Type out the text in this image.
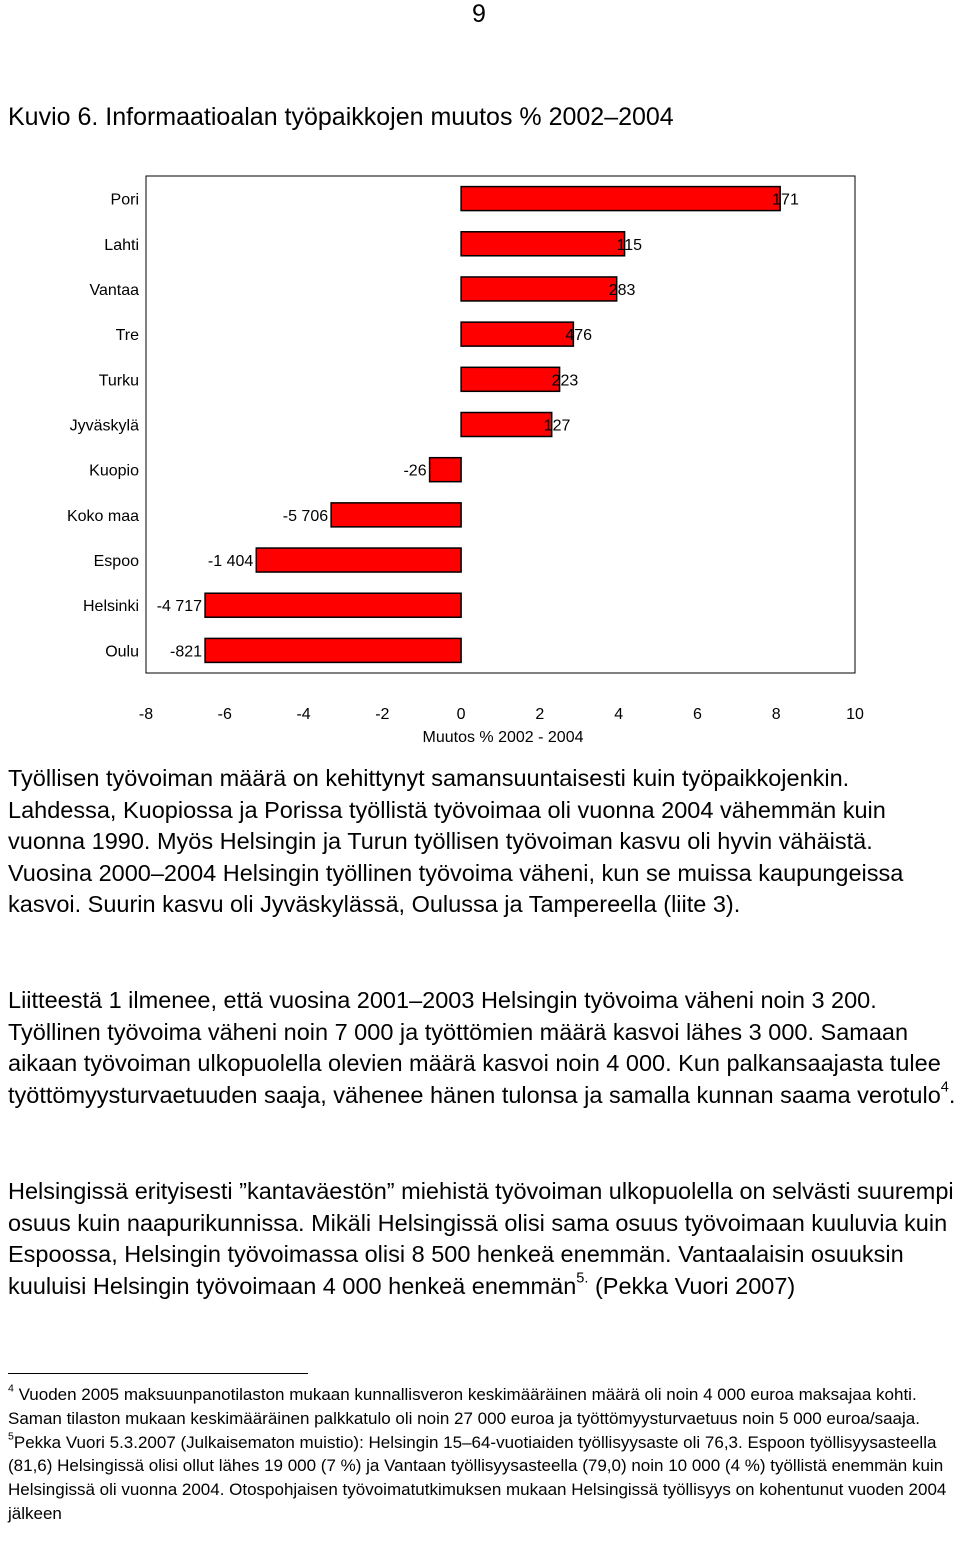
9
Kuvio 6. Informaatioalan työpaikkojen muutos % 2002–2004
Pori
Lahti
Vantaa
Tre
Turku
Jyväskylä
Kuopio
Koko maa
Espoo
Helsinki
Oulu
171
115
283
476
223
127
-26
-5 706
-1 404
-4 717
-821
-8	-6	-4	-2	0	2	4	6	8	10
Muutos % 2002 - 2004

Työllisen työvoiman määrä on kehittynyt samansuuntaisesti kuin työpaikkojenkin. Lahdessa, Kuopiossa ja Porissa työllistä työvoimaa oli vuonna 2004 vähemmän kuin vuonna 1990. Myös Helsingin ja Turun työllisen työvoiman kasvu oli hyvin vähäistä. Vuosina 2000–2004 Helsingin työllinen työvoima väheni, kun se muissa kaupungeissa kasvoi. Suurin kasvu oli Jyväskylässä, Oulussa ja Tampereella (liite 3).

Liitteestä 1 ilmenee, että vuosina 2001–2003 Helsingin työvoima väheni noin 3 200. Työllinen työvoima väheni noin 7 000 ja työttömien määrä kasvoi lähes 3 000. Samaan aikaan työvoiman ulkopuolella olevien määrä kasvoi noin 4 000. Kun palkansaajasta tulee työttömyysturvaetuuden saaja, vähenee hänen tulonsa ja samalla kunnan saama verotulo$^4$.

Helsingissä erityisesti ”kantaväestön” miehistä työvoiman ulkopuolella on selvästi suurempi osuus kuin naapurikunnissa. Mikäli Helsingissä olisi sama osuus työvoimaan kuuluvia kuin Espoossa, Helsingin työvoimassa olisi 8 500 henkeä enemmän. Vantaalaisin osuuksin kuuluisi Helsingin työvoimaan 4 000 henkeä enemmän$^{5.}$ (Pekka Vuori 2007)

$^4$ Vuoden 2005 maksuunpanotilaston mukaan kunnallisveron keskimääräinen määrä oli noin 4 000 euroa maksajaa kohti. Saman tilaston mukaan keskimääräinen palkkatulo oli noin 27 000 euroa ja työttömyysturvaetuus noin 5 000 euroa/saaja.

$^5$Pekka Vuori 5.3.2007 (Julkaisematon muistio): Helsingin 15–64-vuotiaiden työllisyysaste oli 76,3. Espoon työllisyysasteella (81,6) Helsingissä olisi ollut lähes 19 000 (7 %) ja Vantaan työllisyysasteella (79,0) noin 10 000 (4 %) työllistä enemmän kuin Helsingissä oli vuonna 2004. Otospohjaisen työvoimatutkimuksen mukaan Helsingissä työllisyys on kohentunut vuoden 2004 jälkeen
